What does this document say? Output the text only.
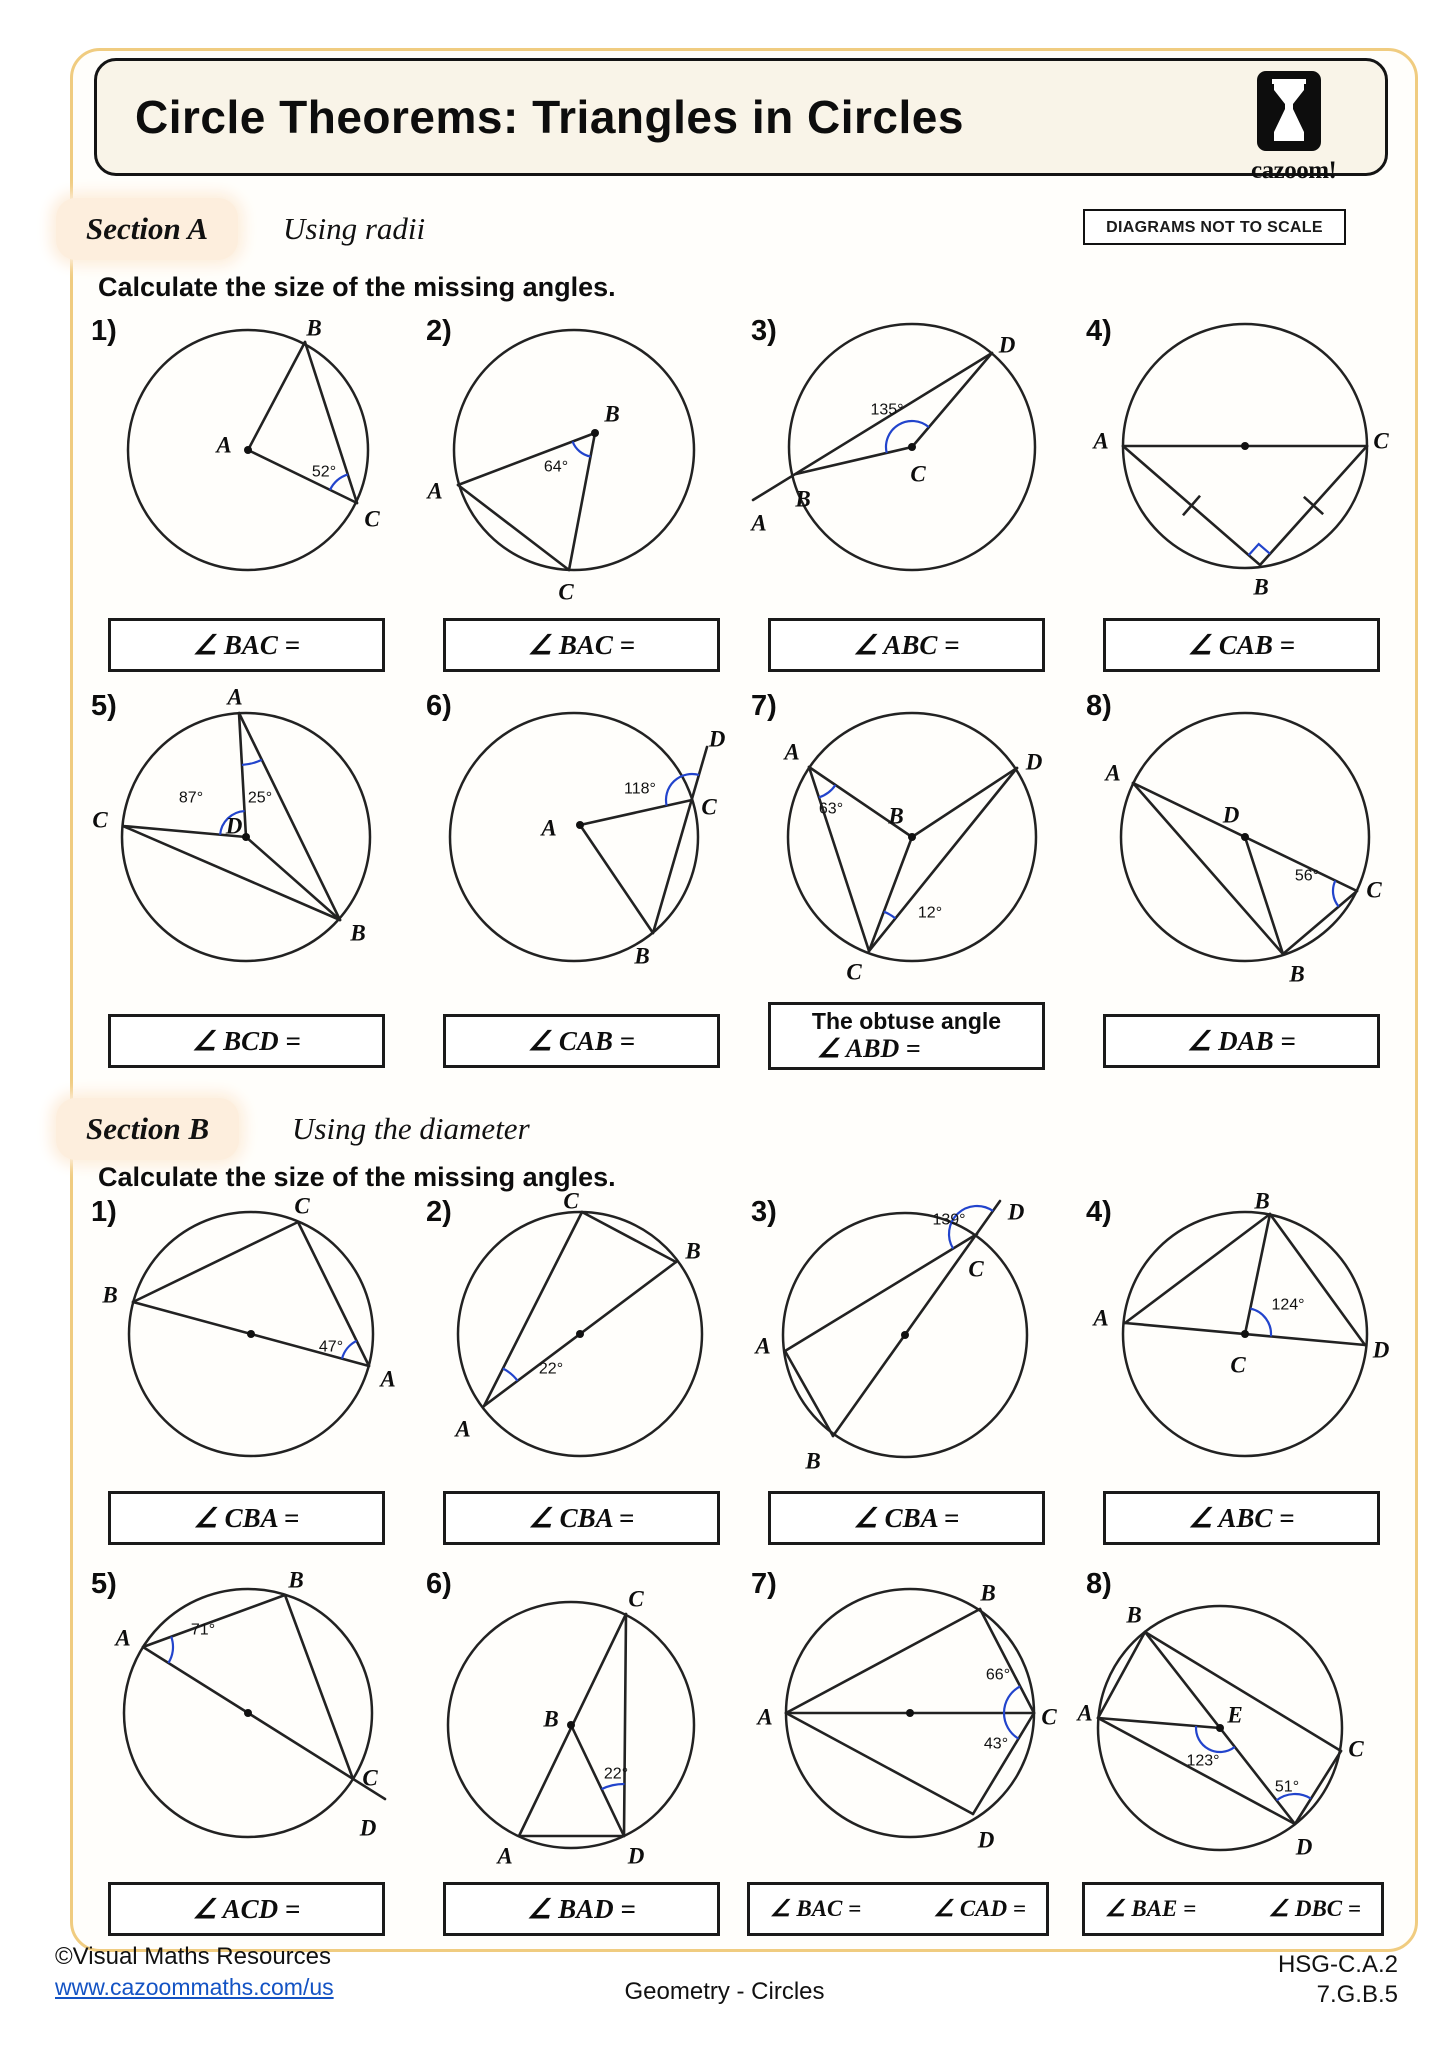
Circle Theorems: Triangles in Circles
cazoom!
DIAGRAMS NOT TO SCALE
Section A	Using radii
Calculate the size of the missing angles.
Section B	Using the diameter
Calculate the size of the missing angles.
1)
52°
A
B
C
∠ BAC =
2)
64°
B
A
C
∠ BAC =
3)
135°
A
B
C
D
∠ ABC =
4)
A	C
B
∠ CAB =
5)
87°	25°
A
D
C
B
∠ BCD =
6)
118°
A
C
B
D
∠ CAB =
7)
63°
12°
B
A	D
C
The obtuse angle
∠ ABD =
8)
56°
D
A
C
B
∠ DAB =
1)
47°
C
B
A
∠ CBA =
2)
22°
A
B
C
∠ CBA =
3)	139°
A
B
C
D
∠ CBA =
4)
124°
A
D
B
C
∠ ABC =
5)
71°
B
A
C
D
∠ ACD =
6)
22°
B
C
A	D
∠ BAD =
7)
66°
43°
A
B
C
D
∠ BAC =	∠ CAD =
8)
123°
51°
B
A
C
D
E
∠ BAE =	∠ DBC =
©Visual Maths Resources
www.cazoommaths.com/us	Geometry - Circles
HSG-C.A.2
7.G.B.5
